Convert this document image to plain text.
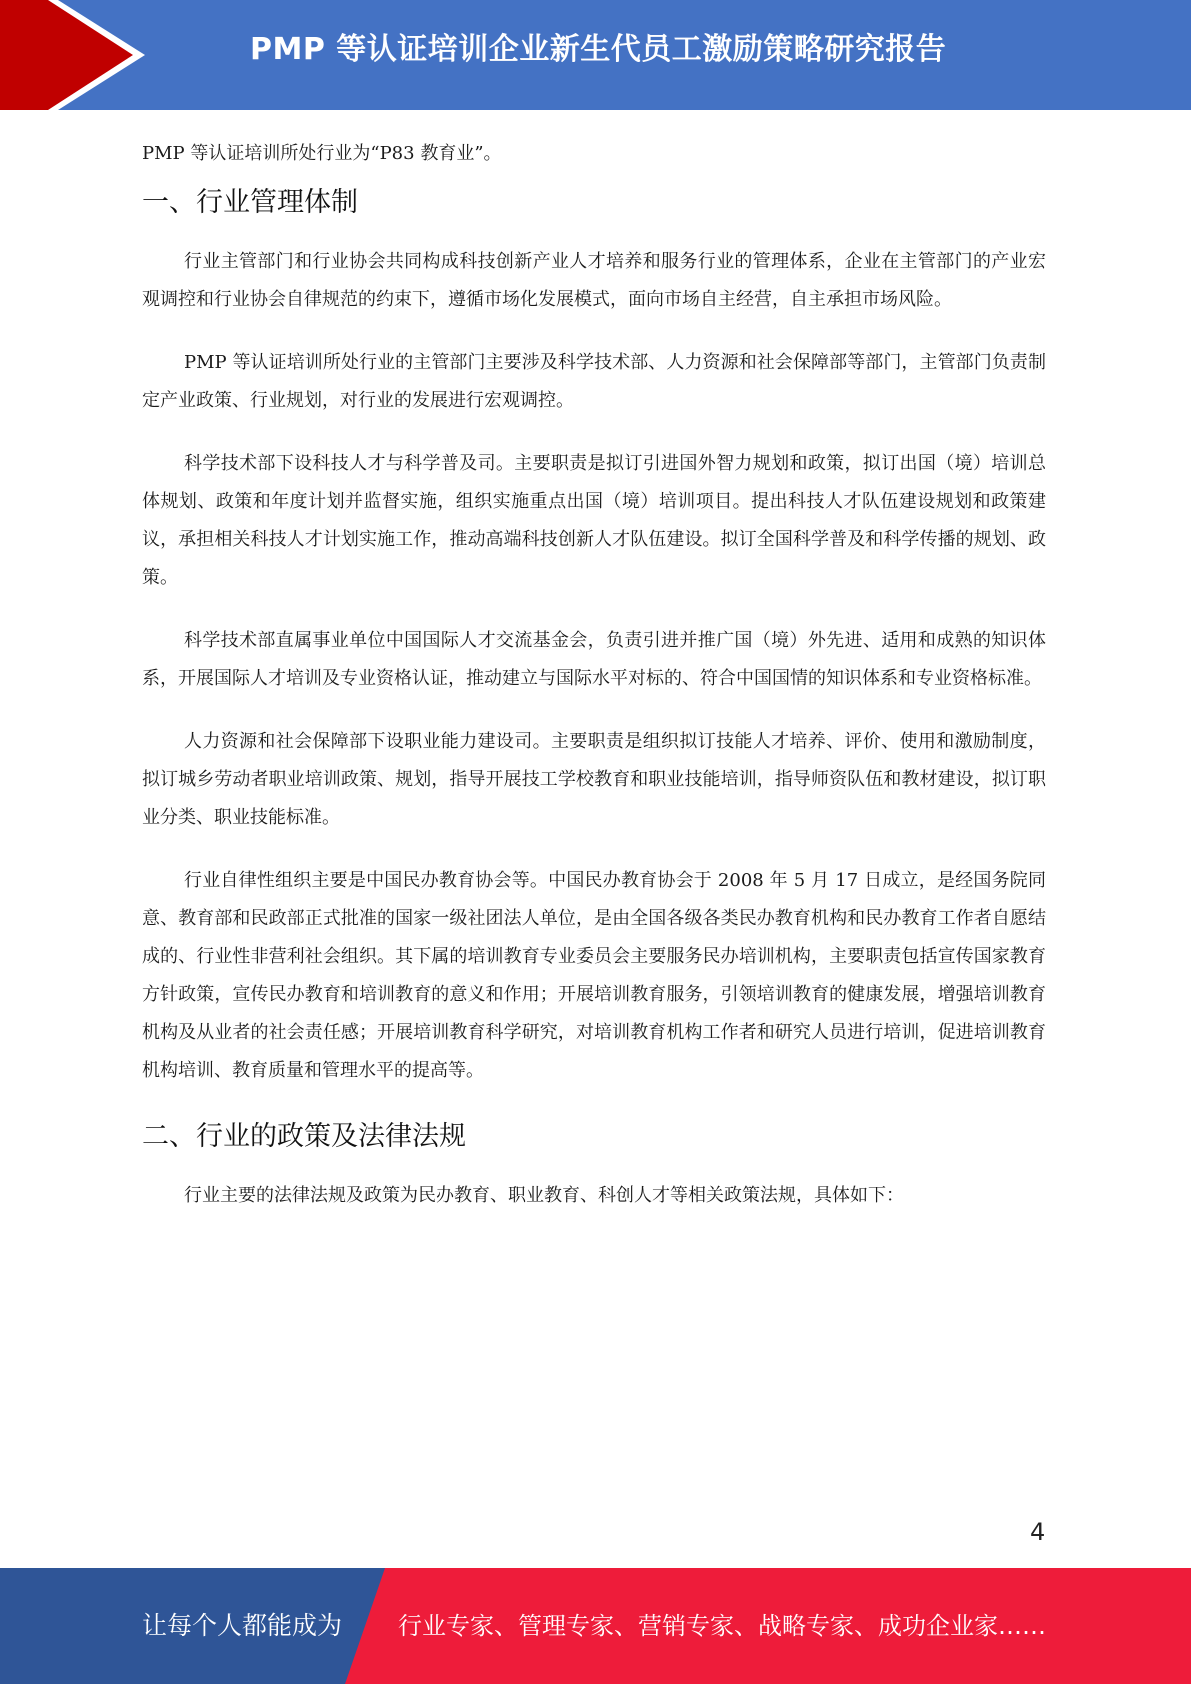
PMP 等认证培训企业新生代员工激励策略研究报告

PMP 等认证培训所处行业为“P83 教育业”。

一、行业管理体制

行业主管部门和行业协会共同构成科技创新产业人才培养和服务行业的管理体系，企业在主管部门的产业宏观调控和行业协会自律规范的约束下，遵循市场化发展模式，面向市场自主经营，自主承担市场风险。

PMP 等认证培训所处行业的主管部门主要涉及科学技术部、人力资源和社会保障部等部门，主管部门负责制定产业政策、行业规划，对行业的发展进行宏观调控。

科学技术部下设科技人才与科学普及司。主要职责是拟订引进国外智力规划和政策，拟订出国（境）培训总体规划、政策和年度计划并监督实施，组织实施重点出国（境）培训项目。提出科技人才队伍建设规划和政策建议，承担相关科技人才计划实施工作，推动高端科技创新人才队伍建设。拟订全国科学普及和科学传播的规划、政策。

科学技术部直属事业单位中国国际人才交流基金会，负责引进并推广国（境）外先进、适用和成熟的知识体系，开展国际人才培训及专业资格认证，推动建立与国际水平对标的、符合中国国情的知识体系和专业资格标准。

人力资源和社会保障部下设职业能力建设司。主要职责是组织拟订技能人才培养、评价、使用和激励制度，拟订城乡劳动者职业培训政策、规划，指导开展技工学校教育和职业技能培训，指导师资队伍和教材建设，拟订职业分类、职业技能标准。

行业自律性组织主要是中国民办教育协会等。中国民办教育协会于 2008 年 5 月 17 日成立，是经国务院同意、教育部和民政部正式批准的国家一级社团法人单位，是由全国各级各类民办教育机构和民办教育工作者自愿结成的、行业性非营利社会组织。其下属的培训教育专业委员会主要服务民办培训机构，主要职责包括宣传国家教育方针政策，宣传民办教育和培训教育的意义和作用；开展培训教育服务，引领培训教育的健康发展，增强培训教育机构及从业者的社会责任感；开展培训教育科学研究，对培训教育机构工作者和研究人员进行培训，促进培训教育机构培训、教育质量和管理水平的提高等。

二、行业的政策及法律法规

行业主要的法律法规及政策为民办教育、职业教育、科创人才等相关政策法规，具体如下：

4
让每个人都能成为 行业专家、管理专家、营销专家、战略专家、成功企业家……
